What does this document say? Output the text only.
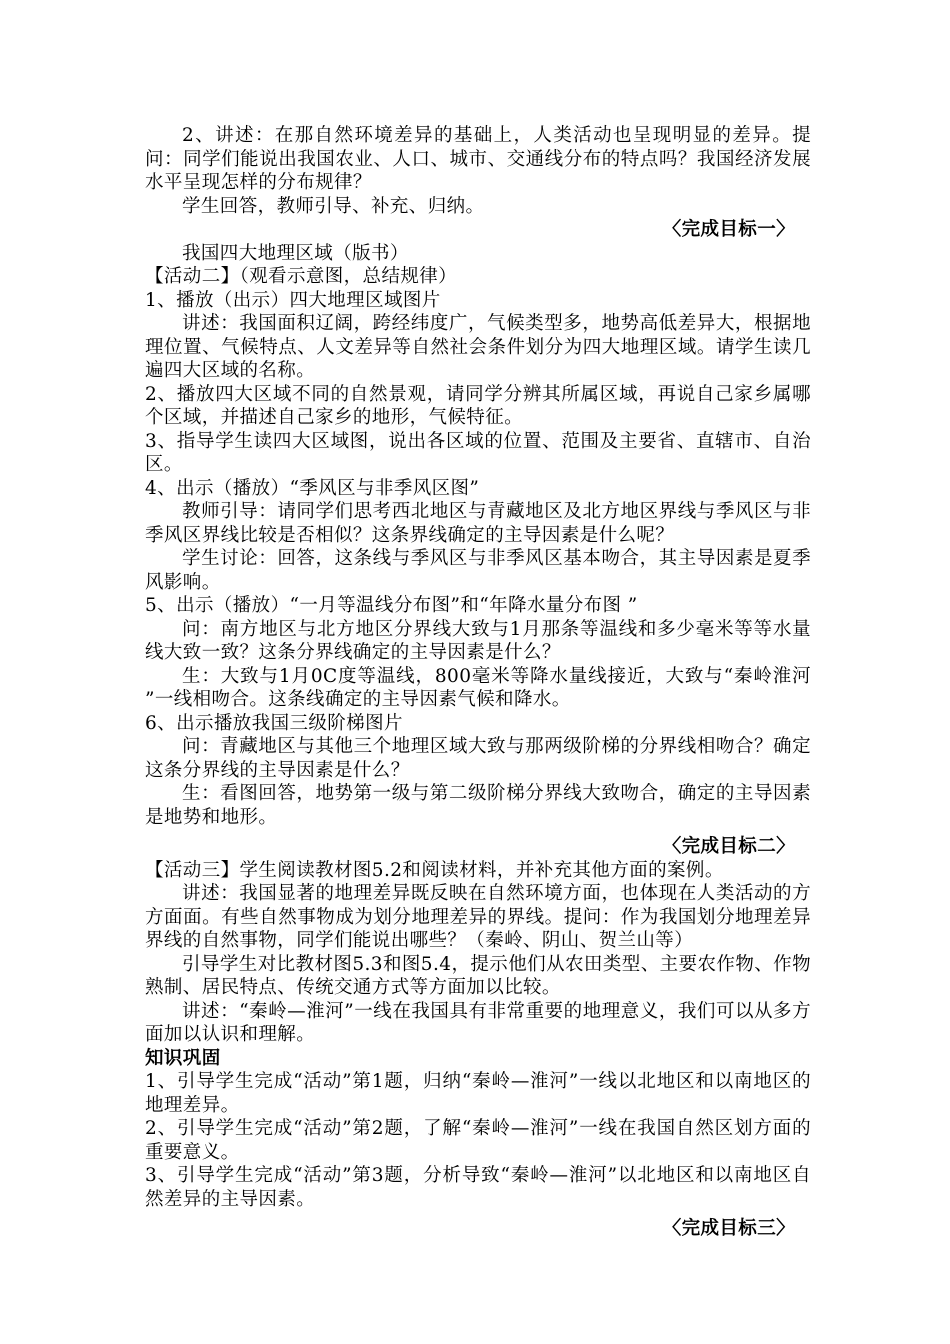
2、讲述：在那自然环境差异的基础上，人类活动也呈现明显的差异。提问：同学们能说出我国农业、人口、城市、交通线分布的特点吗？我国经济发展水平呈现怎样的分布规律？

学生回答，教师引导、补充、归纳。

〈完成目标一〉

我国四大地理区域（版书）

【活动二】（观看示意图，总结规律）

1、播放（出示）四大地理区域图片

讲述：我国面积辽阔，跨经纬度广，气候类型多，地势高低差异大，根据地理位置、气候特点、人文差异等自然社会条件划分为四大地理区域。请学生读几遍四大区域的名称。

2、播放四大区域不同的自然景观，请同学分辨其所属区域，再说自己家乡属哪个区域，并描述自己家乡的地形，气候特征。

3、指导学生读四大区域图，说出各区域的位置、范围及主要省、直辖市、自治区。

4、出示（播放）“季风区与非季风区图”

教师引导：请同学们思考西北地区与青藏地区及北方地区界线与季风区与非季风区界线比较是否相似？这条界线确定的主导因素是什么呢？

学生讨论：回答，这条线与季风区与非季风区基本吻合，其主导因素是夏季风影响。

5、出示（播放）“一月等温线分布图”和“年降水量分布图 ”

问：南方地区与北方地区分界线大致与1月那条等温线和多少毫米等等水量线大致一致？这条分界线确定的主导因素是什么？

生：大致与1月0C度等温线，800毫米等降水量线接近，大致与“秦岭淮河 ”一线相吻合。这条线确定的主导因素气候和降水。

6、出示播放我国三级阶梯图片

问：青藏地区与其他三个地理区域大致与那两级阶梯的分界线相吻合？确定这条分界线的主导因素是什么？

生：看图回答，地势第一级与第二级阶梯分界线大致吻合，确定的主导因素是地势和地形。

〈完成目标二〉

【活动三】学生阅读教材图5.2和阅读材料，并补充其他方面的案例。

讲述：我国显著的地理差异既反映在自然环境方面，也体现在人类活动的方方面面。有些自然事物成为划分地理差异的界线。提问：作为我国划分地理差异界线的自然事物，同学们能说出哪些？（秦岭、阴山、贺兰山等）

引导学生对比教材图5.3和图5.4，提示他们从农田类型、主要农作物、作物熟制、居民特点、传统交通方式等方面加以比较。

讲述：“秦岭—淮河”一线在我国具有非常重要的地理意义，我们可以从多方面加以认识和理解。

知识巩固

1、引导学生完成“活动”第1题，归纳“秦岭—淮河”一线以北地区和以南地区的地理差异。

2、引导学生完成“活动”第2题，了解“秦岭—淮河”一线在我国自然区划方面的重要意义。

3、引导学生完成“活动”第3题，分析导致“秦岭—淮河”以北地区和以南地区自然差异的主导因素。

〈完成目标三〉
